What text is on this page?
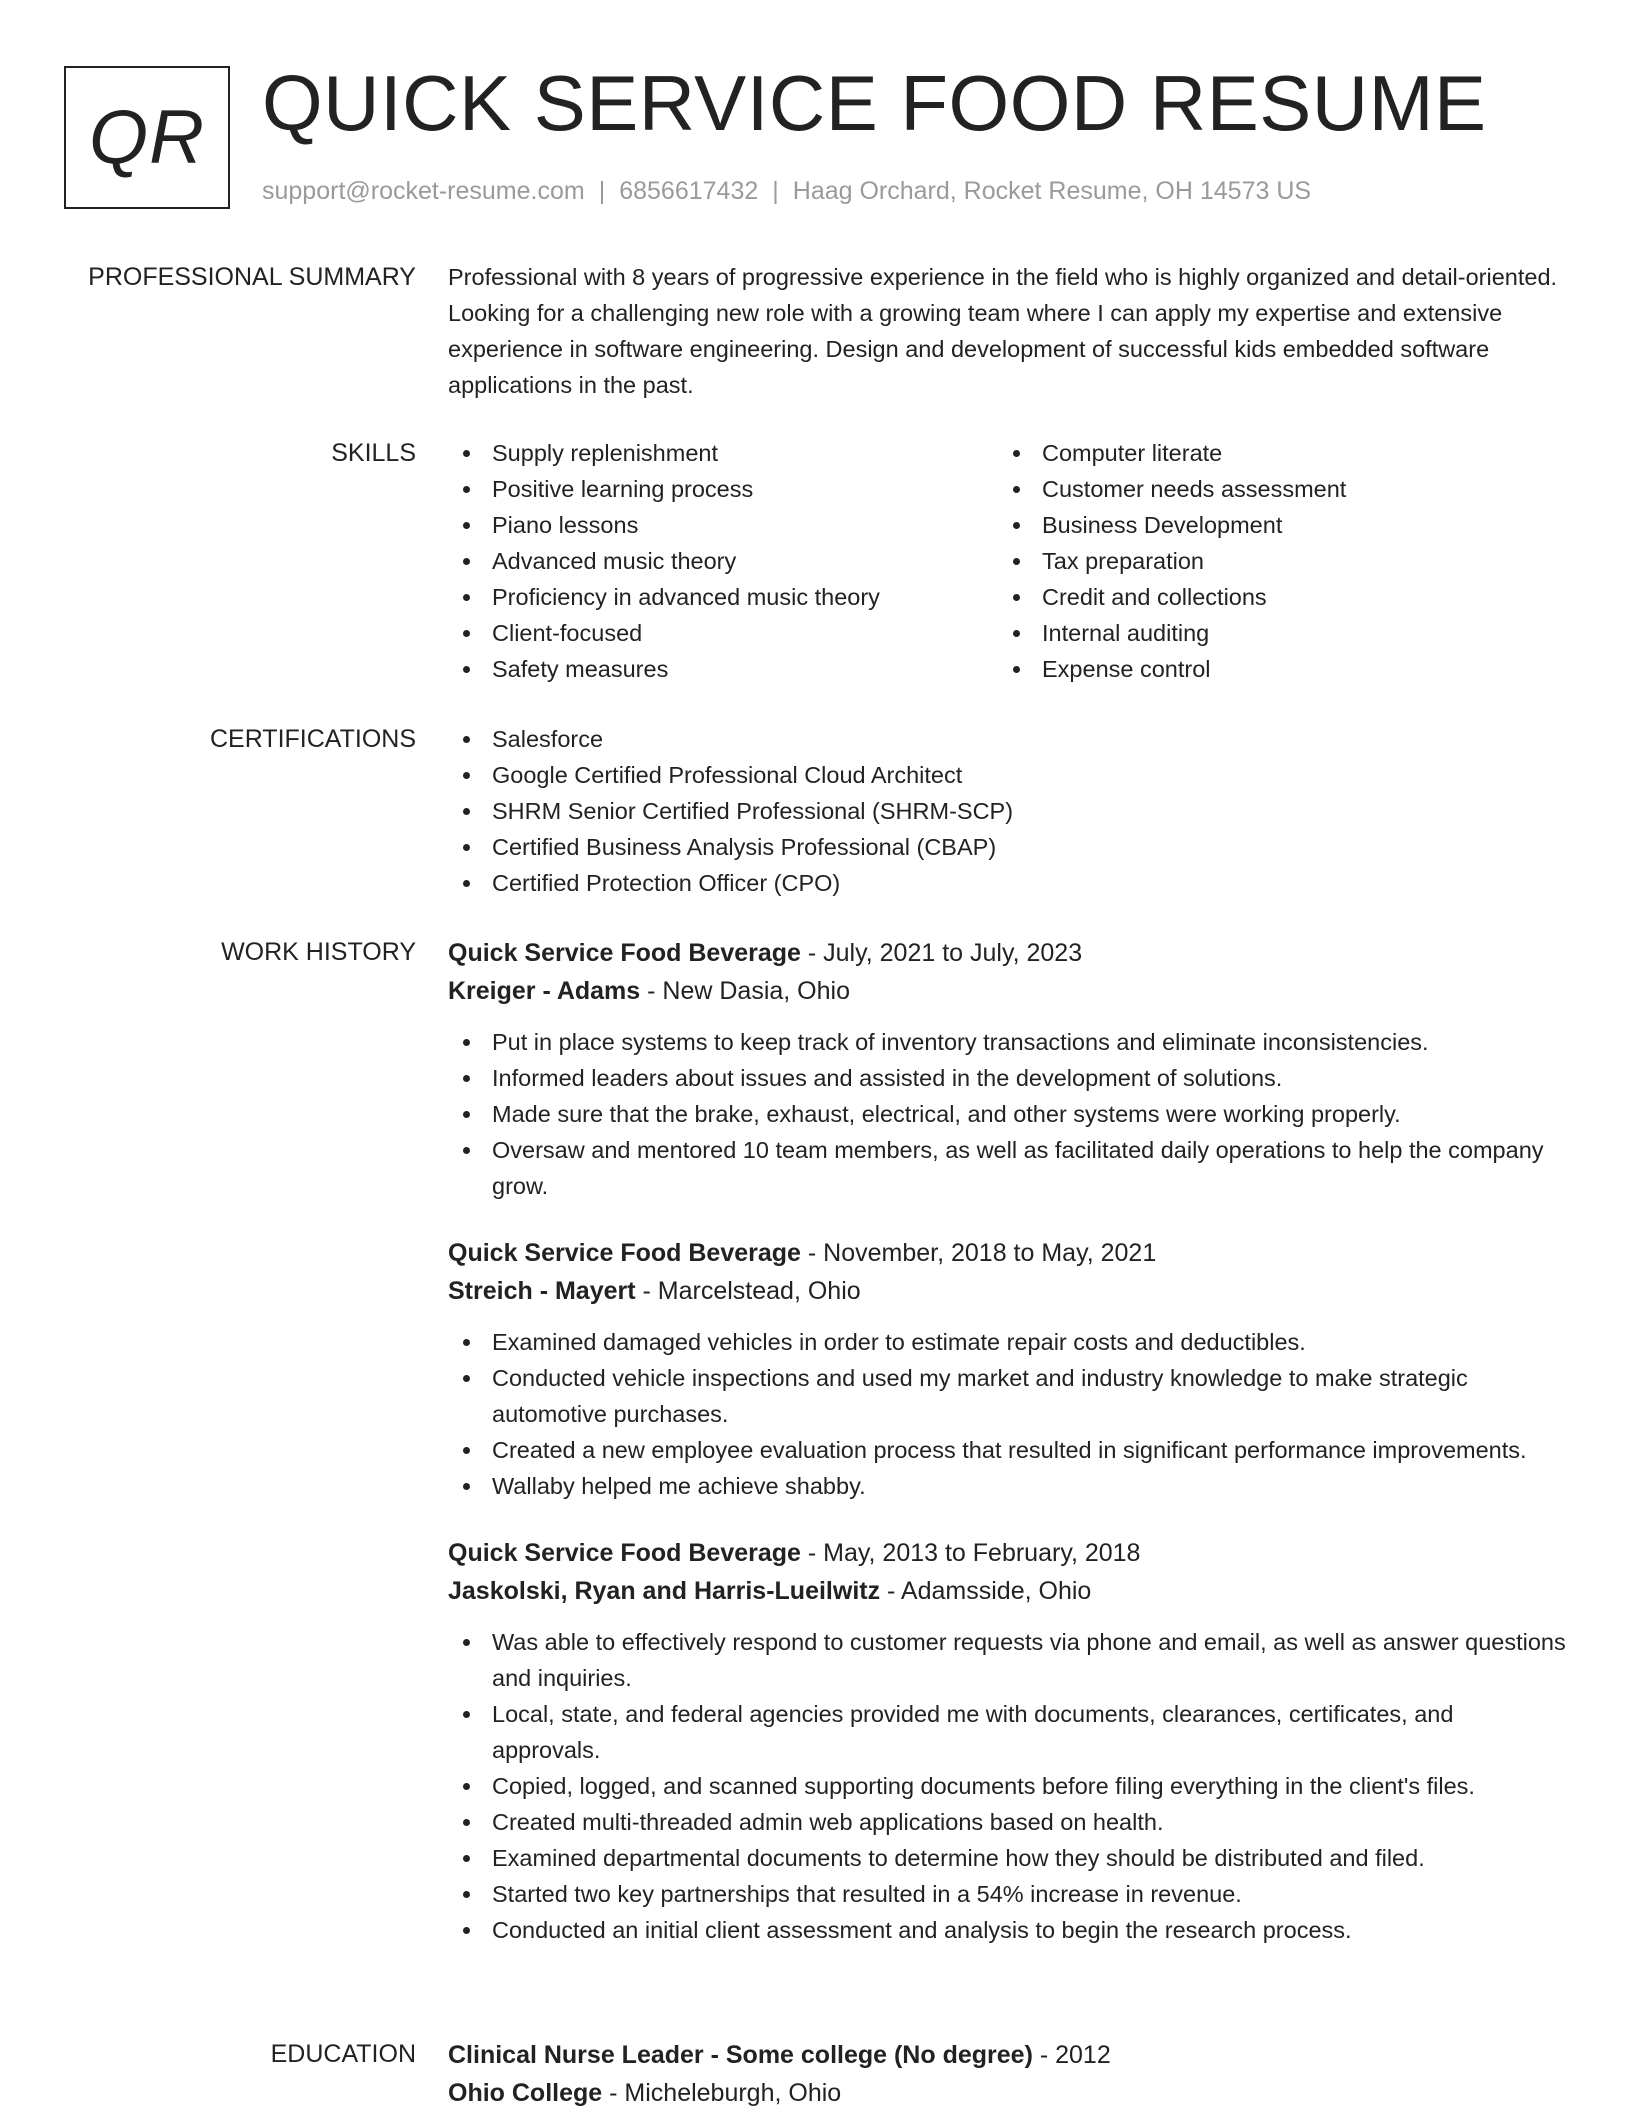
QR QUICK SERVICE FOOD RESUME
support@rocket-resume.com | 6856617432 | Haag Orchard, Rocket Resume, OH 14573 US
PROFESSIONAL SUMMARY Professional with 8 years of progressive experience in the field who is highly organized and detail-oriented. Looking for a challenging new role with a growing team where I can apply my expertise and extensive experience in software engineering. Design and development of successful kids embedded software applications in the past.
SKILLS	Supply replenishment
Positive learning process
Piano lessons
Advanced music theory
Proficiency in advanced music theory
Client-focused
Safety measures
Computer literate
Customer needs assessment
Business Development
Tax preparation
Credit and collections
Internal auditing
Expense control
CERTIFICATIONS	Salesforce
Google Certified Professional Cloud Architect
SHRM Senior Certified Professional (SHRM-SCP)
Certified Business Analysis Professional (CBAP)
Certified Protection Officer (CPO)
WORK HISTORY Quick Service Food Beverage - July, 2021 to July, 2023
Kreiger - Adams - New Dasia, Ohio
Put in place systems to keep track of inventory transactions and eliminate inconsistencies.
Informed leaders about issues and assisted in the development of solutions.
Made sure that the brake, exhaust, electrical, and other systems were working properly.
Oversaw and mentored 10 team members, as well as facilitated daily operations to help the company grow.
Quick Service Food Beverage - November, 2018 to May, 2021
Streich - Mayert - Marcelstead, Ohio
Examined damaged vehicles in order to estimate repair costs and deductibles.
Conducted vehicle inspections and used my market and industry knowledge to make strategic automotive purchases.
Created a new employee evaluation process that resulted in significant performance improvements.
Wallaby helped me achieve shabby.
Quick Service Food Beverage - May, 2013 to February, 2018
Jaskolski, Ryan and Harris-Lueilwitz - Adamsside, Ohio
Was able to effectively respond to customer requests via phone and email, as well as answer questions and inquiries.
Local, state, and federal agencies provided me with documents, clearances, certificates, and approvals.
Copied, logged, and scanned supporting documents before filing everything in the client's files.
Created multi-threaded admin web applications based on health.
Examined departmental documents to determine how they should be distributed and filed.
Started two key partnerships that resulted in a 54% increase in revenue.
Conducted an initial client assessment and analysis to begin the research process.
EDUCATION Clinical Nurse Leader - Some college (No degree) - 2012
Ohio College - Micheleburgh, Ohio
